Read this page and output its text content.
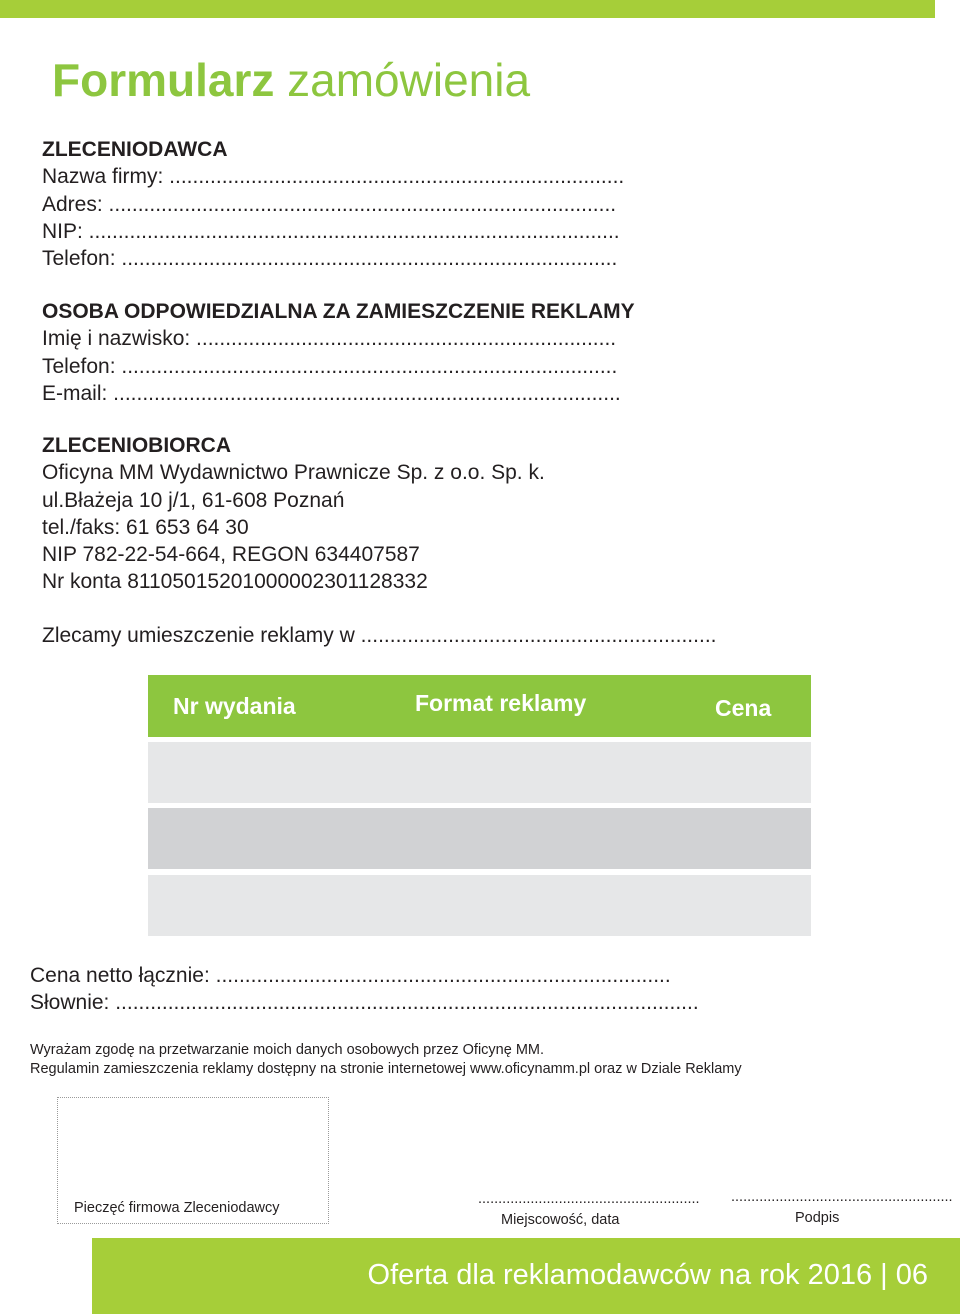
Formularz zamówienia
ZLECENIODAWCA
Nazwa firmy: ..............................................................................
Adres: .......................................................................................
NIP: ...........................................................................................
Telefon: .....................................................................................
OSOBA ODPOWIEDZIALNA ZA ZAMIESZCZENIE REKLAMY
Imię i nazwisko: ........................................................................
Telefon: .....................................................................................
E-mail: .......................................................................................
ZLECENIOBIORCA
Oficyna MM Wydawnictwo Prawnicze Sp. z o.o. Sp. k.
ul.Błażeja 10 j/1, 61-608 Poznań
tel./faks: 61 653 64 30
NIP 782-22-54-664, REGON 634407587
Nr konta 81105015201000002301128332
Zlecamy umieszczenie reklamy w .............................................................
Nr wydania	Format reklamy	Cena
Cena netto łącznie: ..............................................................................
Słownie: ....................................................................................................
Wyrażam zgodę na przetwarzanie moich danych osobowych przez Oficynę MM.
Regulamin zamieszczenia reklamy dostępny na stronie internetowej www.oficynamm.pl oraz w Dziale Reklamy
Pieczęć firmowa Zleceniodawcy
.......................................................
Miejscowość, data
.......................................................
Podpis
Oferta dla reklamodawców na rok 2016 | 06
